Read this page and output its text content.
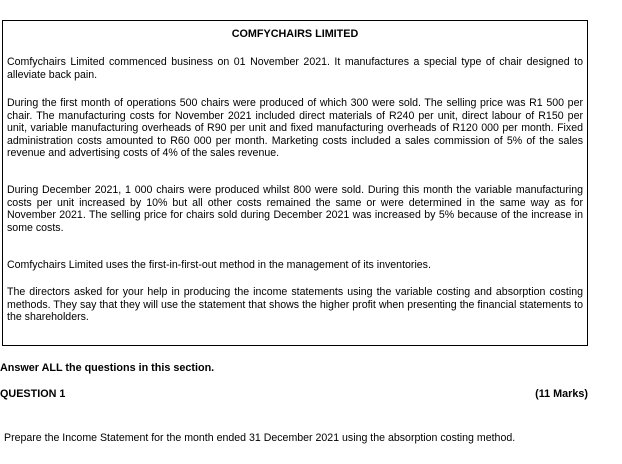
COMFYCHAIRS LIMITED

Comfychairs Limited commenced business on 01 November 2021. It manufactures a special type of chair designed to alleviate back pain.

During the first month of operations 500 chairs were produced of which 300 were sold. The selling price was R1 500 per chair. The manufacturing costs for November 2021 included direct materials of R240 per unit, direct labour of R150 per unit, variable manufacturing overheads of R90 per unit and fixed manufacturing overheads of R120 000 per month. Fixed administration costs amounted to R60 000 per month. Marketing costs included a sales commission of 5% of the sales revenue and advertising costs of 4% of the sales revenue.

During December 2021, 1 000 chairs were produced whilst 800 were sold. During this month the variable manufacturing costs per unit increased by 10% but all other costs remained the same or were determined in the same way as for November 2021. The selling price for chairs sold during December 2021 was increased by 5% because of the increase in some costs.

Comfychairs Limited uses the first-in-first-out method in the management of its inventories.

The directors asked for your help in producing the income statements using the variable costing and absorption costing methods. They say that they will use the statement that shows the higher profit when presenting the financial statements to the shareholders.

Answer ALL the questions in this section.
QUESTION 1	(11 Marks)
Prepare the Income Statement for the month ended 31 December 2021 using the absorption costing method.
